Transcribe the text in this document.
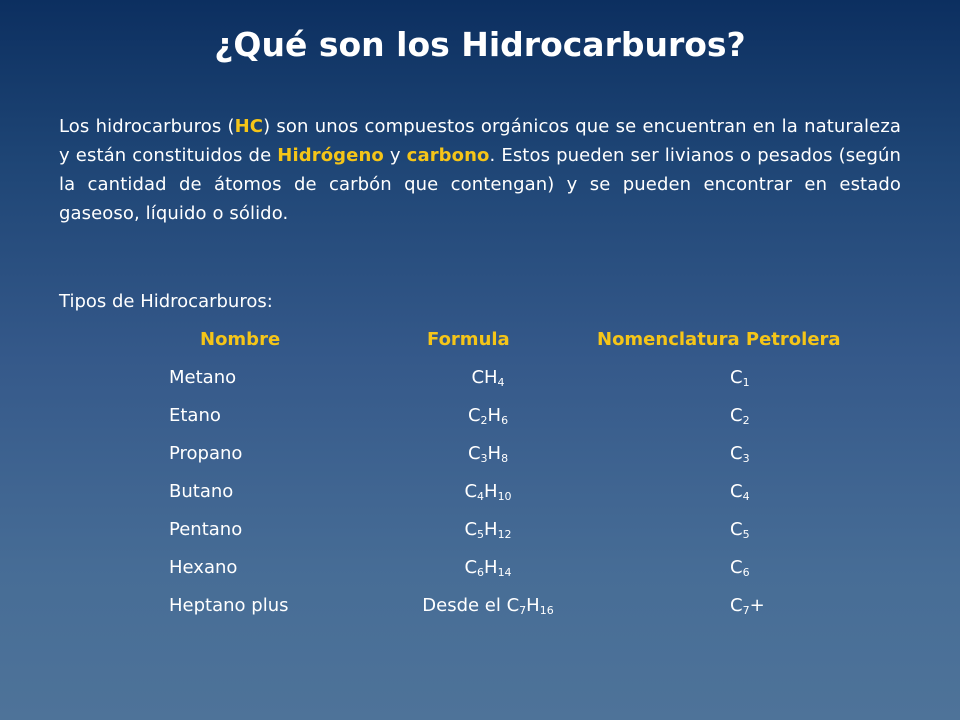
¿Qué son los Hidrocarburos?
Los hidrocarburos (HC) son unos compuestos orgánicos que se encuentran en la naturaleza y están constituidos de Hidrógeno y carbono. Estos pueden ser livianos o pesados (según la cantidad de átomos de carbón que contengan) y se pueden encontrar en estado gaseoso, líquido o sólido.
Tipos de Hidrocarburos:
Nombre	Formula	Nomenclatura Petrolera
Metano	$CH_4$	$C_1$
Etano	$C_2H_6$	$C_2$
Propano	$C_3H_8$	$C_3$
Butano	$C_4H_{10}$	$C_4$
Pentano	$C_5H_{12}$	$C_5$
Hexano	$C_6H_{14}$	$C_6$
Heptano plus	Desde el $C_7H_{16}$	$C_7+$
